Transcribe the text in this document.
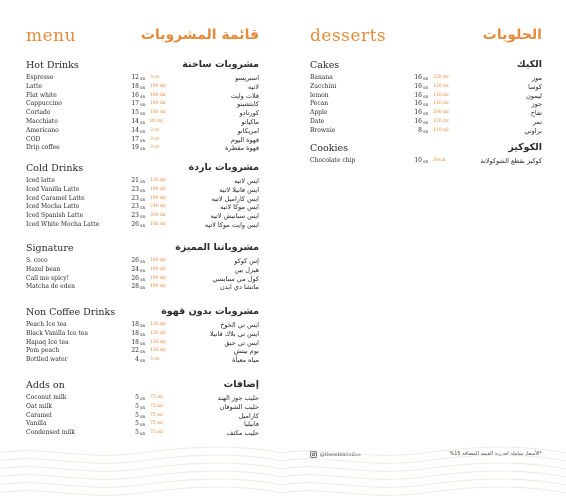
menu	قائمة المشروبات
Hot Drinks	مشروبات ساخنة
Espresso	12 SR 3 oz	اسبريسو
Latte	18 SR 180 ml	لاتيه
Flat white	16 SR 180 ml	فلات وايت
Cappuccino	17 SR 180 ml	كابتشينو
Cortado	15 SR 180 ml	كورتادو
Macchiato	14 SR 80 ml	ماكياتو
Americano	14 SR 3 oz	امريكانو
COD	17 SR 3 oz	قهوة اليوم
Drip coffee	19 SR 3 oz	قهوة مقطرة
Cold Drinks	مشروبات باردة
Iced latte	21 SR 120 ml	ايس لاتيه
Iced Vanilla Latte	23 SR 180 ml	ايس فانيلا لاتيه
Iced Caramel Latte	23 SR 180 ml	ايس كاراميل لاتيه
Iced Mocha Latte	23 SR 240 ml	ايس موكا لاتيه
Iced Spanish Latte	23 SR 300 ml	ايس سبانيش لاتيه
Iced White Mocha Latte	26 SR 180 ml	ايس وايت موكا لاتيه
Signature	مشروباتنا المميزة
S. coco	26 SR 180 ml	إس كوكو
Hazel bean	24 SR 180 ml	هيزل بين
Call me spicy!	26 SR 180 ml	كول مي سبايسي
Matcha de eden	28 SR 180 ml	ماتشا دي ايدن
Non Coffee Drinks	مشروبات بدون قهوة
Peach Ice tea	18 SR 120 ml	ايس تي الخوخ
Black Vanilla Ice tea	18 SR 120 ml	ايس تي بلاك فانيلا
Hapaq Ice tea	18 SR 120 ml	ايس تي حبق
Pom peach	22 SR 120 ml	بوم بيتش
Bottled water	4 SR 3 oz	مياه معبأة
Adds on	إضافات
Coconut milk	5 SR 75 ml	حليب جوز الهند
Oat milk	5 SR 75 ml	حليب الشوفان
Caramel	5 SR 75 ml	كاراميل
Vanilla	5 SR 75 ml	فانيليا
Condensed milk	5 SR 75 ml	حليب مكثف
desserts	الحلويات
Cakes	الكيك
Banana	16 SR 250 ml	موز
Zucchini	16 SR 120 ml	كوسا
lemon	16 SR 120 ml	ليمون
Pecan	16 SR 120 ml	جوز
Apple	16 SR 200 ml	تفاح
Date	16 SR 120 ml	تمر
Brownie	8 SR 120 ml	براوني
Cookies	الكوكيز
Chocolate chip	10 SR 30cal	كوكيز بقطع الشوكولاتة
@theedencoffee	*الأسعار شاملة لضريبة القيمة المضافة 15%
